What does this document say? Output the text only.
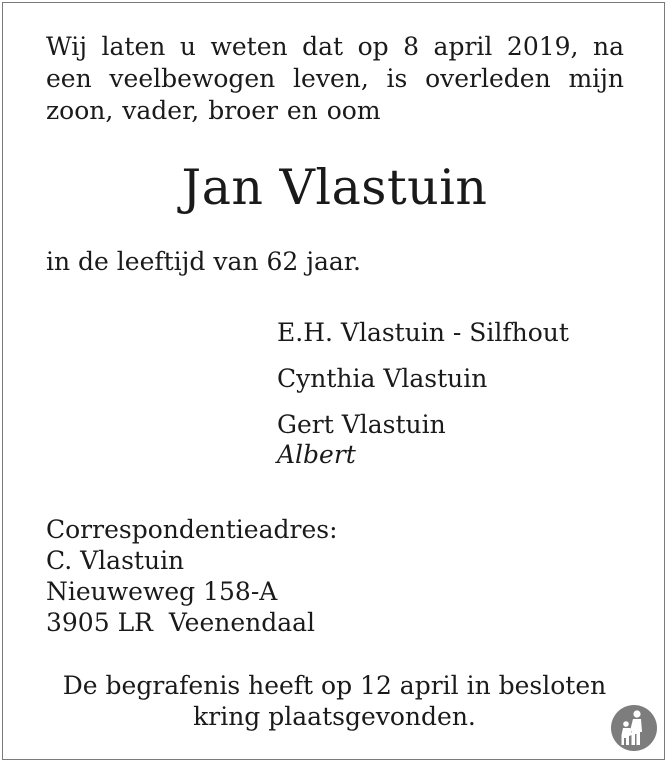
Wij laten u weten dat op 8 april 2019, na een veelbewogen leven, is overleden mijn zoon, vader, broer en oom
Jan Vlastuin
in de leeftijd van 62 jaar.
E.H. Vlastuin - Silfhout
Cynthia Vlastuin
Gert Vlastuin
Albert
Correspondentieadres:
C. Vlastuin
Nieuweweg 158-A
3905 LR  Veenendaal
De begrafenis heeft op 12 april in besloten
kring plaatsgevonden.
